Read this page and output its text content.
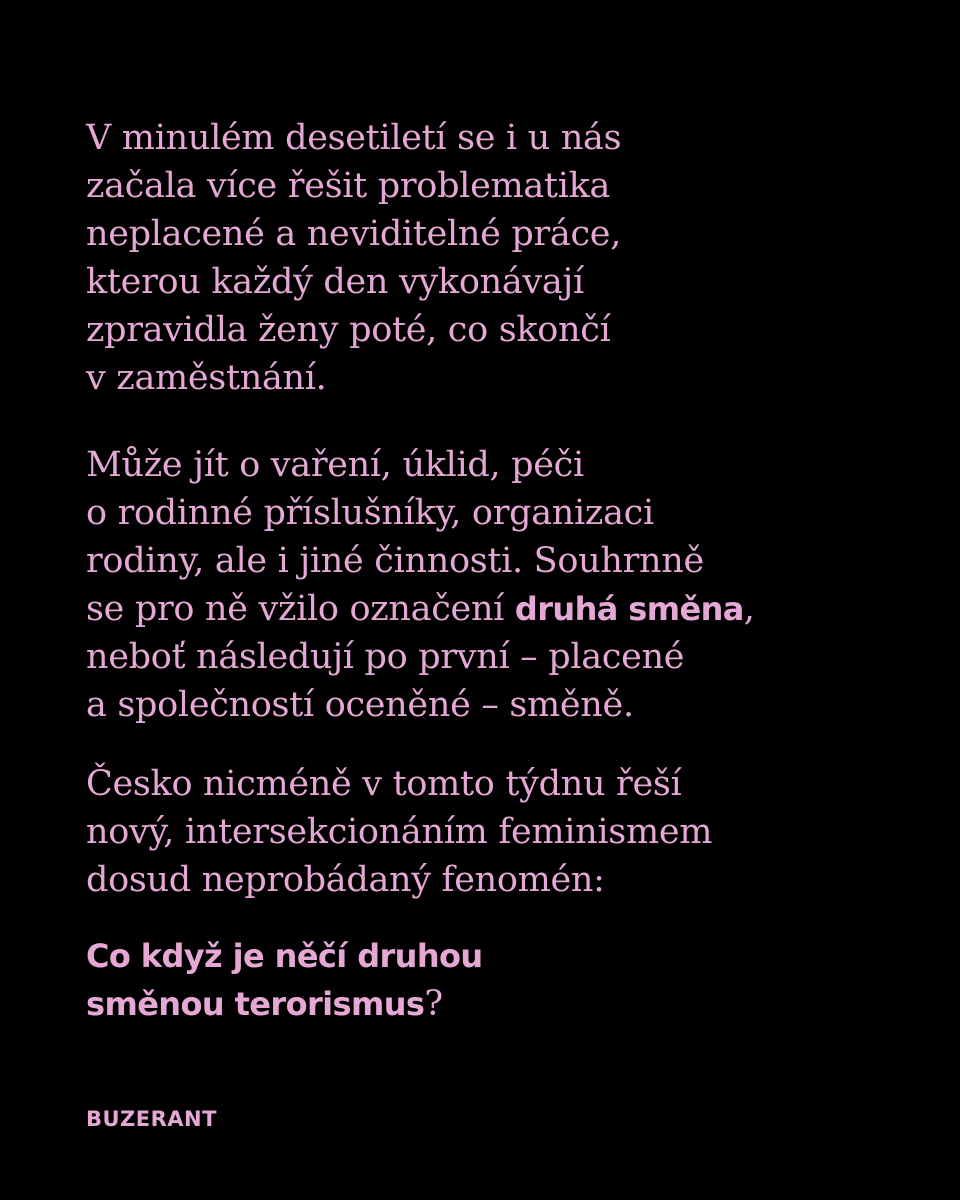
V minulém desetiletí se i u nás
začala více řešit problematika
neplacené a neviditelné práce,
kterou každý den vykonávají
zpravidla ženy poté, co skončí
v zaměstnání.
Může jít o vaření, úklid, péči
o rodinné příslušníky, organizaci
rodiny, ale i jiné činnosti. Souhrnně
se pro ně vžilo označení druhá směna,
neboť následují po první – placené
a společností oceněné – směně.
Česko nicméně v tomto týdnu řeší
nový, intersekcionáním feminismem
dosud neprobádaný fenomén:
Co když je něčí druhou
směnou terorismus?
BUZERANT
